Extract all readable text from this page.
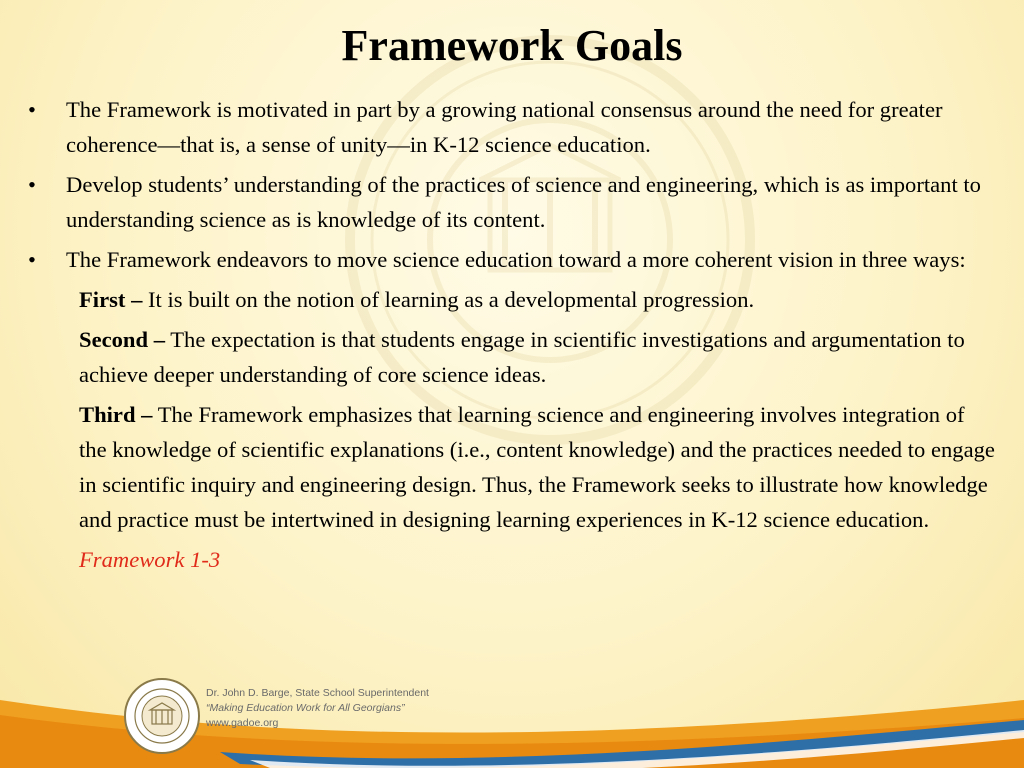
Framework Goals
• The Framework is motivated in part by a growing national consensus around the need for greater coherence—that is, a sense of unity—in K-12 science education.
• Develop students’ understanding of the practices of science and engineering, which is as important to understanding science as is knowledge of its content.
• The Framework endeavors to move science education toward a more coherent vision in three ways:
First – It is built on the notion of learning as a developmental progression.
Second – The expectation is that students engage in scientific investigations and argumentation to achieve deeper understanding of core science ideas.
Third – The Framework emphasizes that learning science and engineering involves integration of the knowledge of scientific explanations (i.e., content knowledge) and the practices needed to engage in scientific inquiry and engineering design. Thus, the Framework seeks to illustrate how knowledge and practice must be intertwined in designing learning experiences in K-12 science education.
Framework 1-3
Dr. John D. Barge, State School Superintendent
“Making Education Work for All Georgians”
www.gadoe.org
